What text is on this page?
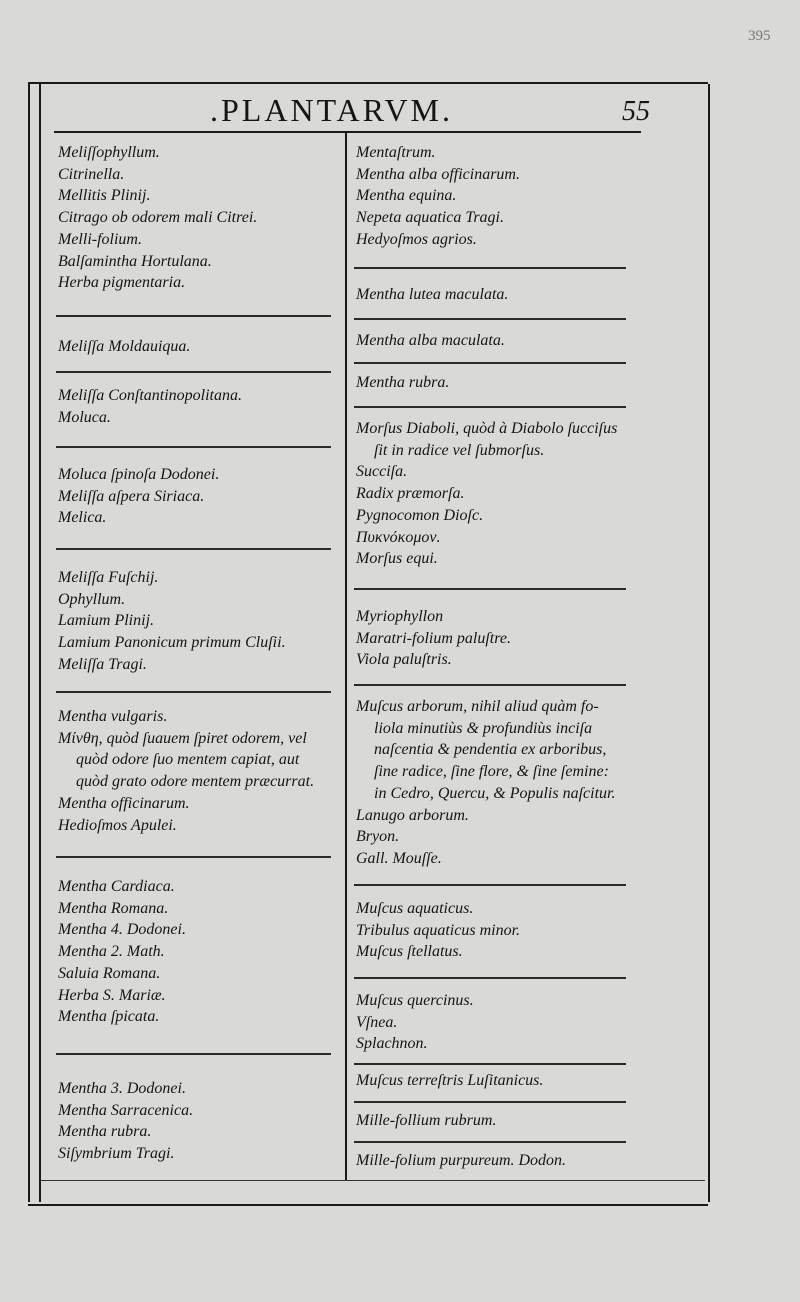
395
.PLANTARVM.	55
Meliſſophyllum.
Citrinella.
Mellitis Plinij.
Citrago ob odorem mali Citrei.
Melli-folium.
Balſamintha Hortulana.
Herba pigmentaria.
Meliſſa Moldauiqua.
Meliſſa Conſtantinopolitana.
Moluca.
Moluca ſpinoſa Dodonei.
Meliſſa aſpera Siriaca.
Melica.
Meliſſa Fuſchij.
Ophyllum.
Lamium Plinij.
Lamium Panonicum primum Cluſii.
Meliſſa Tragi.
Mentha vulgaris.
Μίνθη, quòd ſuauem ſpiret odorem, vel
quòd odore ſuo mentem capiat, aut
quòd grato odore mentem præcurrat.
Mentha officinarum.
Hedioſmos Apulei.
Mentha Cardiaca.
Mentha Romana.
Mentha 4. Dodonei.
Mentha 2. Math.
Saluia Romana.
Herba S. Mariæ.
Mentha ſpicata.
Mentha 3. Dodonei.
Mentha Sarracenica.
Mentha rubra.
Siſymbrium Tragi.
Mentaſtrum.
Mentha alba officinarum.
Mentha equina.
Nepeta aquatica Tragi.
Hedyoſmos agrios.
Mentha lutea maculata.
Mentha alba maculata.
Mentha rubra.
Morſus Diaboli, quòd à Diabolo ſucciſus
ſit in radice vel ſubmorſus.
Succiſa.
Radix præmorſa.
Pygnocomon Dioſc.
Πυκνόκομον.
Morſus equi.
Myriophyllon
Maratri-folium paluſtre.
Viola paluſtris.
Muſcus arborum, nihil aliud quàm fo-
liola minutiùs & profundiùs inciſa
naſcentia & pendentia ex arboribus,
ſine radice, ſine flore, & ſine ſemine:
in Cedro, Quercu, & Populis naſcitur.
Lanugo arborum.
Bryon.
Gall. Mouſſe.
Muſcus aquaticus.
Tribulus aquaticus minor.
Muſcus ſtellatus.
Muſcus quercinus.
Vſnea.
Splachnon.
Muſcus terreſtris Luſitanicus.
Mille-follium rubrum.
Mille-folium purpureum. Dodon.
